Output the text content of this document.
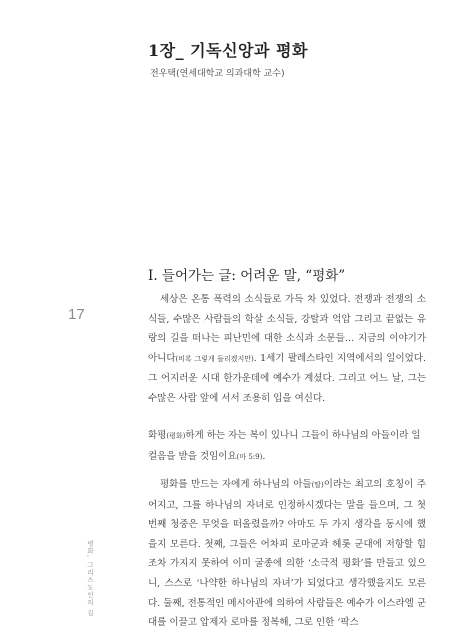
1장_ 기독신앙과 평화
전우택(연세대학교 의과대학 교수)
I. 들어가는 글: 어려운 말, “평화”
17
평화, 그리스도인의 길

세상은 온통 폭력의 소식들로 가득 차 있었다. 전쟁과 전쟁의 소식들, 수많은 사람들의 학살 소식들, 강탈과 억압 그리고 끝없는 유랑의 길을 떠나는 피난민에 대한 소식과 소문들… 지금의 이야기가 아니다(비록 그렇게 들리겠지만). 1세기 팔레스타인 지역에서의 일이었다. 그 어지러운 시대 한가운데에 예수가 계셨다. 그리고 어느 날, 그는 수많은 사람 앞에 서서 조용히 입을 여신다.

화평(평화)하게 하는 자는 복이 있나니 그들이 하나님의 아들이라 일컬음을 받을 것임이요(마 5:9).

평화를 만드는 자에게 하나님의 아들(딸)이라는 최고의 호칭이 주어지고, 그를 하나님의 자녀로 인정하시겠다는 말을 들으며, 그 첫 번째 청중은 무엇을 떠올렸을까? 아마도 두 가지 생각을 동시에 했을지 모른다. 첫째, 그들은 어차피 로마군과 헤롯 군대에 저항할 힘조차 가지지 못하여 이미 굴종에 의한 ‘소극적 평화’를 만들고 있으니, 스스로 ‘나약한 하나님의 자녀’가 되었다고 생각했을지도 모른다. 둘째, 전통적인 메시아관에 의하여 사람들은 예수가 이스라엘 군대를 이끌고 압제자 로마를 정복해, 그로 인한 ‘팍스
